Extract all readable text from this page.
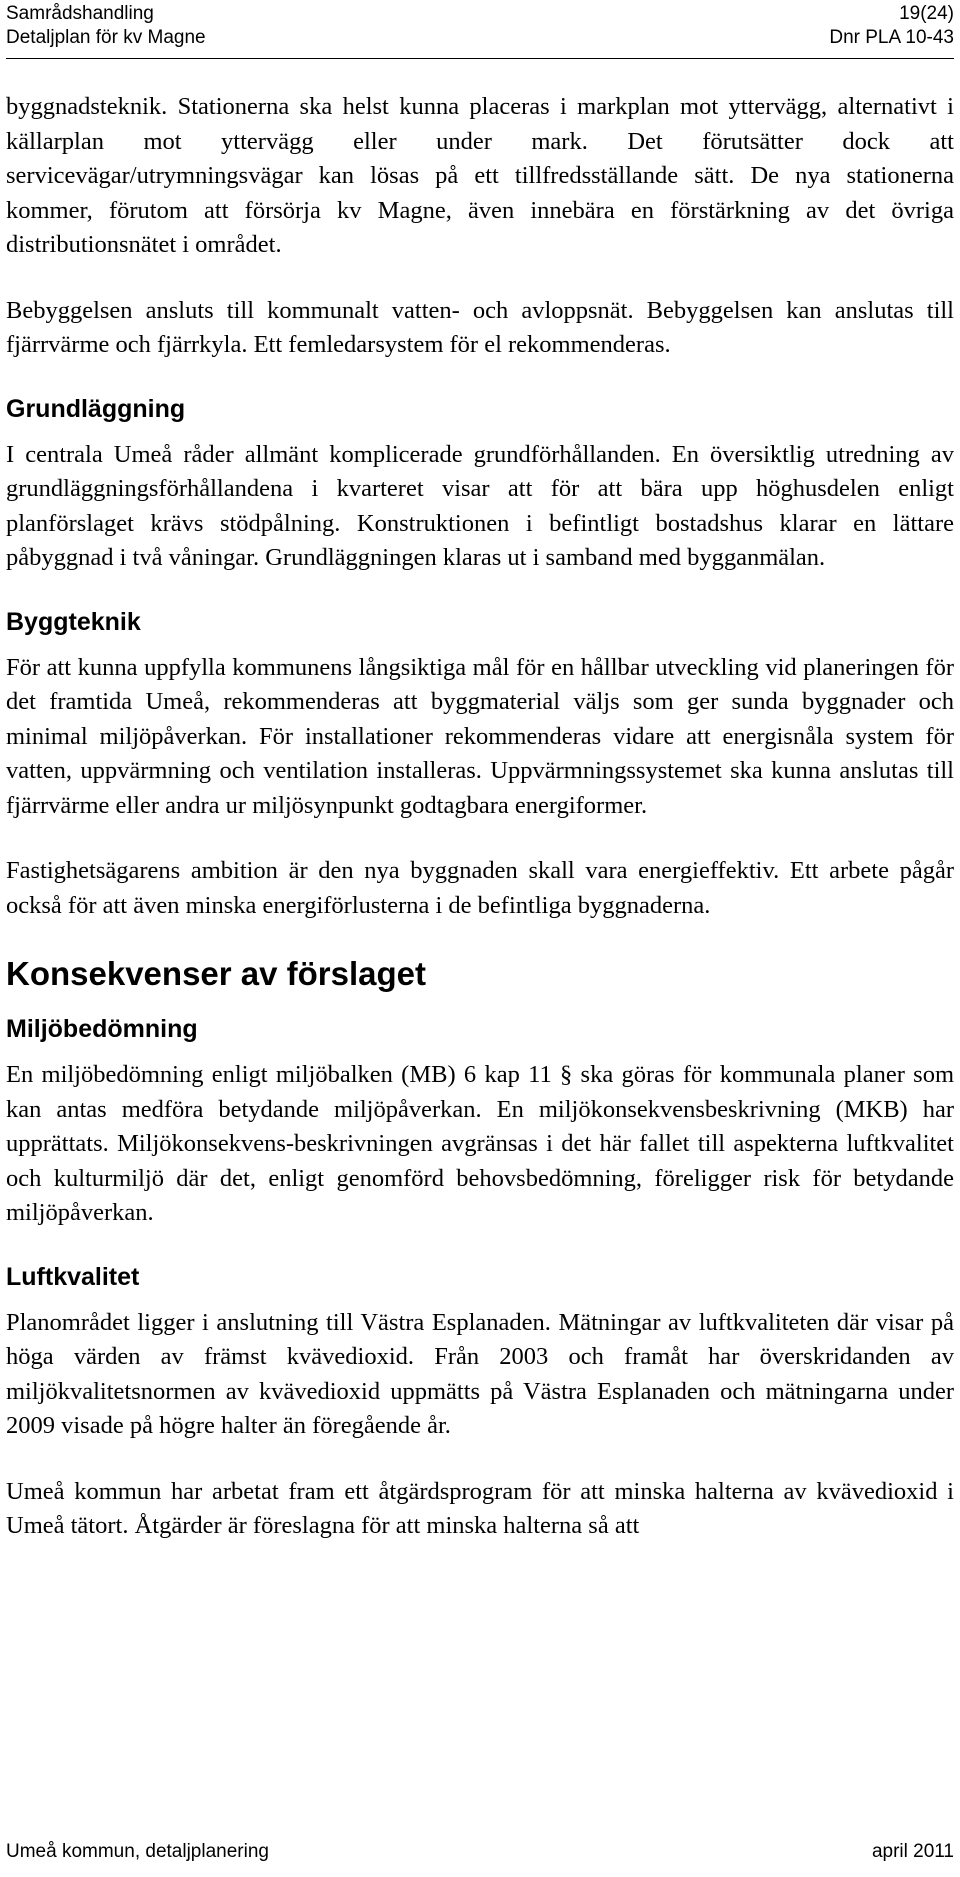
Samrådshandling	19(24)
Detaljplan för kv Magne	Dnr PLA 10-43

byggnadsteknik. Stationerna ska helst kunna placeras i markplan mot yttervägg, alternativt i källarplan mot yttervägg eller under mark. Det förutsätter dock att servicevägar/utrymningsvägar kan lösas på ett tillfredsställande sätt. De nya stationerna kommer, förutom att försörja kv Magne, även innebära en förstärkning av det övriga distributionsnätet i området.

Bebyggelsen ansluts till kommunalt vatten- och avloppsnät. Bebyggelsen kan anslutas till fjärrvärme och fjärrkyla. Ett femledarsystem för el rekommenderas.

Grundläggning

I centrala Umeå råder allmänt komplicerade grundförhållanden. En översiktlig utredning av grundläggningsförhållandena i kvarteret visar att för att bära upp höghusdelen enligt planförslaget krävs stödpålning. Konstruktionen i befintligt bostadshus klarar en lättare påbyggnad i två våningar. Grundläggningen klaras ut i samband med bygganmälan.

Byggteknik

För att kunna uppfylla kommunens långsiktiga mål för en hållbar utveckling vid planeringen för det framtida Umeå, rekommenderas att byggmaterial väljs som ger sunda byggnader och minimal miljöpåverkan. För installationer rekommenderas vidare att energisnåla system för vatten, uppvärmning och ventilation installeras. Uppvärmningssystemet ska kunna anslutas till fjärrvärme eller andra ur miljösynpunkt godtagbara energiformer.

Fastighetsägarens ambition är den nya byggnaden skall vara energieffektiv. Ett arbete pågår också för att även minska energiförlusterna i de befintliga byggnaderna.

Konsekvenser av förslaget
Miljöbedömning

En miljöbedömning enligt miljöbalken (MB) 6 kap 11 § ska göras för kommunala planer som kan antas medföra betydande miljöpåverkan. En miljökonsekvensbeskrivning (MKB) har upprättats. Miljökonsekvens-beskrivningen avgränsas i det här fallet till aspekterna luftkvalitet och kulturmiljö där det, enligt genomförd behovsbedömning, föreligger risk för betydande miljöpåverkan.

Luftkvalitet

Planområdet ligger i anslutning till Västra Esplanaden. Mätningar av luftkvaliteten där visar på höga värden av främst kvävedioxid. Från 2003 och framåt har överskridanden av miljökvalitetsnormen av kvävedioxid uppmätts på Västra Esplanaden och mätningarna under 2009 visade på högre halter än föregående år.

Umeå kommun har arbetat fram ett åtgärdsprogram för att minska halterna av kvävedioxid i Umeå tätort. Åtgärder är föreslagna för att minska halterna så att

Umeå kommun, detaljplanering	april 2011
